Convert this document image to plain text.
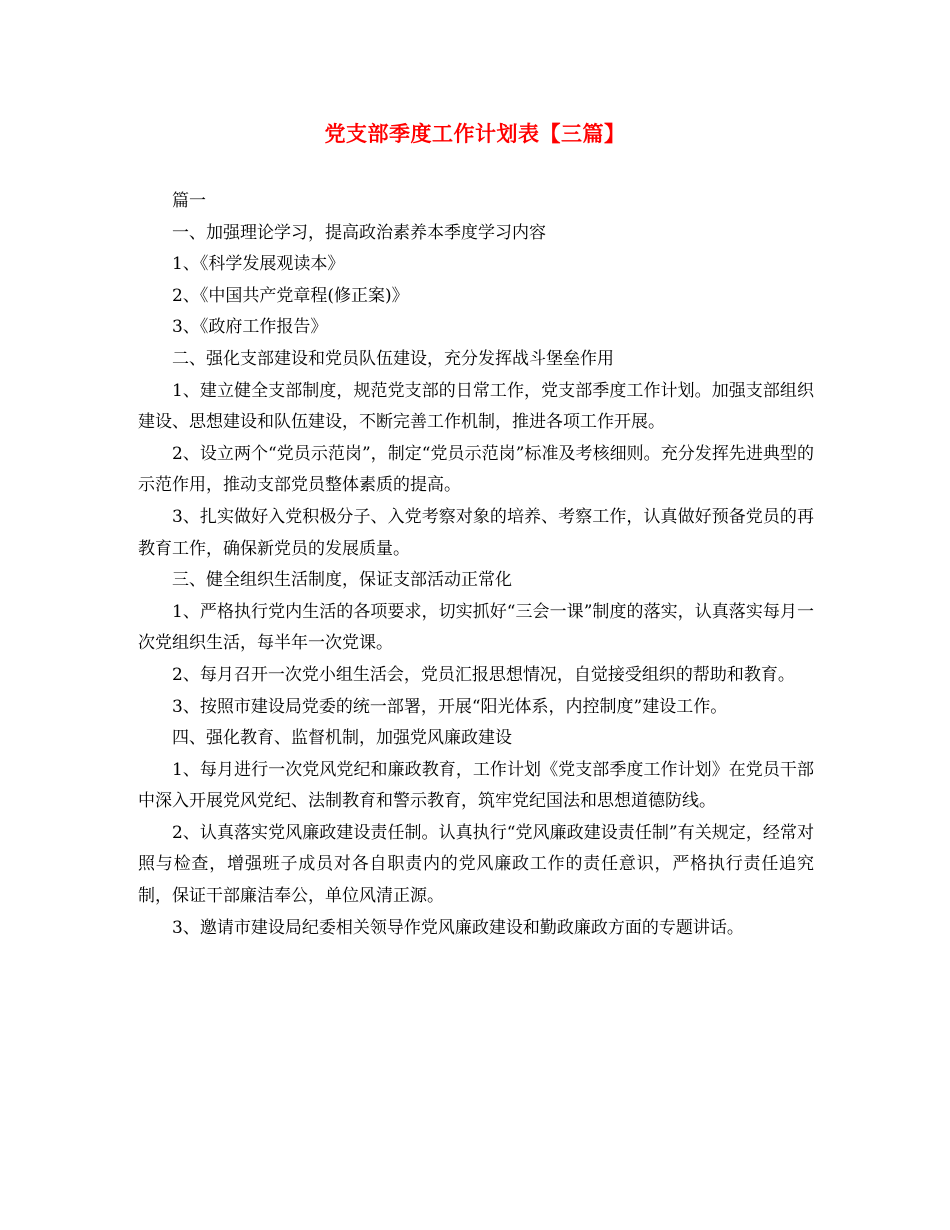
党支部季度工作计划表【三篇】

篇一

一、加强理论学习，提高政治素养本季度学习内容

1、《科学发展观读本》

2、《中国共产党章程(修正案)》

3、《政府工作报告》

二、强化支部建设和党员队伍建设，充分发挥战斗堡垒作用

1、建立健全支部制度，规范党支部的日常工作，党支部季度工作计划。加强支部组织建设、思想建设和队伍建设，不断完善工作机制，推进各项工作开展。

2、设立两个“党员示范岗”，制定“党员示范岗”标准及考核细则。充分发挥先进典型的示范作用，推动支部党员整体素质的提高。

3、扎实做好入党积极分子、入党考察对象的培养、考察工作，认真做好预备党员的再教育工作，确保新党员的发展质量。

三、健全组织生活制度，保证支部活动正常化

1、严格执行党内生活的各项要求，切实抓好“三会一课”制度的落实，认真落实每月一次党组织生活，每半年一次党课。

2、每月召开一次党小组生活会，党员汇报思想情况，自觉接受组织的帮助和教育。

3、按照市建设局党委的统一部署，开展“阳光体系，内控制度”建设工作。

四、强化教育、监督机制，加强党风廉政建设

1、每月进行一次党风党纪和廉政教育，工作计划《党支部季度工作计划》在党员干部中深入开展党风党纪、法制教育和警示教育，筑牢党纪国法和思想道德防线。

2、认真落实党风廉政建设责任制。认真执行“党风廉政建设责任制”有关规定，经常对照与检查，增强班子成员对各自职责内的党风廉政工作的责任意识，严格执行责任追究制，保证干部廉洁奉公，单位风清正源。

3、邀请市建设局纪委相关领导作党风廉政建设和勤政廉政方面的专题讲话。
